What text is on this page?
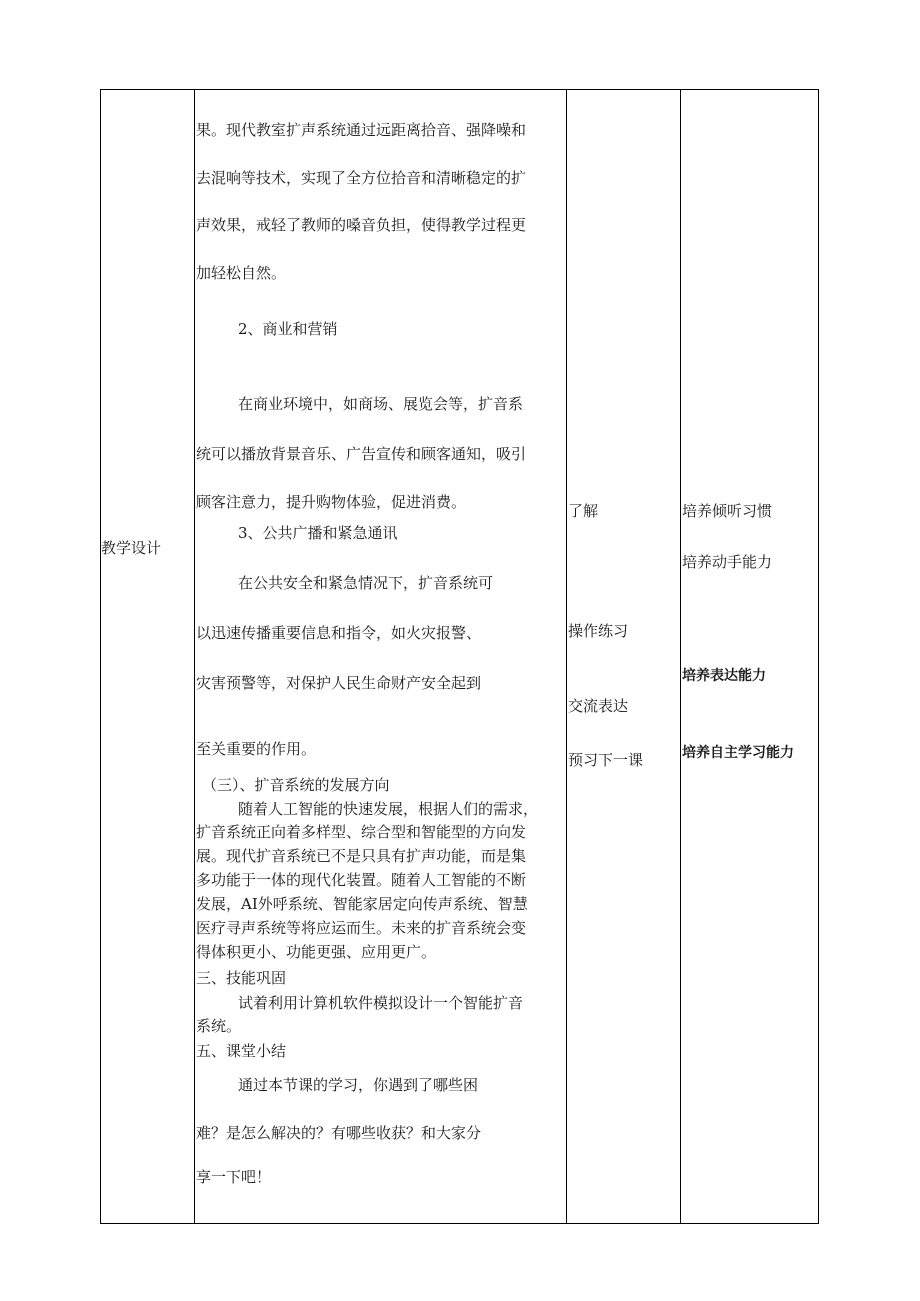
教学设计
果。现代教室扩声系统通过远距离拾音、强降噪和
去混响等技术，实现了全方位拾音和清晰稳定的扩
声效果，戒轻了教师的嗓音负担，使得教学过程更
加轻松自然。
2、商业和营销
在商业环境中，如商场、展览会等，扩音系
统可以播放背景音乐、广告宣传和顾客通知，吸引
顾客注意力，提升购物体验，促进消费。
3、公共广播和紧急通讯
在公共安全和紧急情况下，扩音系统可
以迅速传播重要信息和指令，如火灾报警、
灾害预警等，对保护人民生命财产安全起到
至关重要的作用。
（三）、扩音系统的发展方向
随着人工智能的快速发展，根据人们的需求，
扩音系统正向着多样型、综合型和智能型的方向发
展。现代扩音系统已不是只具有扩声功能，而是集
多功能于一体的现代化装置。随着人工智能的不断
发展，AI外呼系统、智能家居定向传声系统、智慧
医疗寻声系统等将应运而生。未来的扩音系统会变
得体积更小、功能更强、应用更广。
三、技能巩固
试着利用计算机软件模拟设计一个智能扩音
系统。
五、课堂小结
通过本节课的学习，你遇到了哪些困
难？是怎么解决的？有哪些收获？和大家分
享一下吧！
了解
操作练习
交流表达
预习下一课
培养倾听习惯
培养动手能力
培养表达能力
培养自主学习能力
